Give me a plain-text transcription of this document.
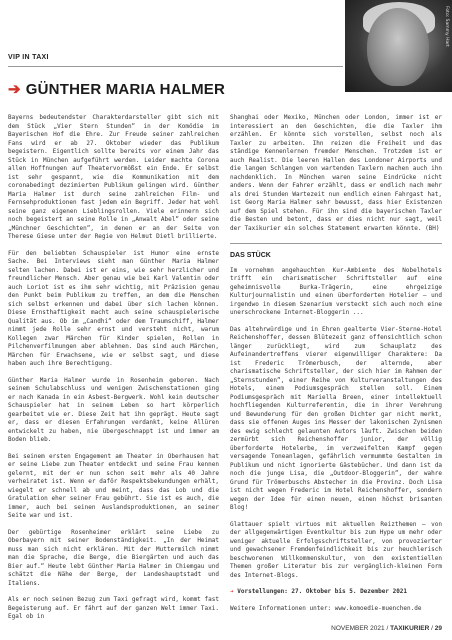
Foto: Sammy Hart
VIP IN TAXI
➔ GÜNTHER MARIA HALMER

Bayerns bedeutendster Charakterdarsteller gibt sich mit dem Stück „Vier Stern Stunden“ in der Komödie im Bayerischen Hof die Ehre. Zur Freude seiner zahlreichen Fans wird er ab 27. Oktober wieder das Publikum begeistern. Eigentlich sollte bereits vor einem Jahr das Stück in München aufgeführt werden. Leider machte Corona allen Hoffnungen auf Theatervormößst ein Ende. Er selbst ist sehr gespannt, wie die Kommunikation mit dem coronabedingt dezimierten Publikum gelingen wird. Günther Maria Halmer ist durch seine zahlreichen Film- und Fernsehproduktionen fast jedem ein Begriff. Jeder hat wohl seine ganz eigenen Lieblingsrollen. Viele erinnern sich noch begeistert an seine Rolle in „Anwalt Abel“ oder seine „Münchner Geschichten“, in denen er an der Seite von Therese Giese unter der Regie von Helmut Dietl brillierte.

Für den beliebten Schauspieler ist Humor eine ernste Sache. Bei Interviews sieht man Günther Maria Halmer selten lachen. Dabei ist er eins, wie sehr herzlicher und freundlicher Mensch. Aber genau wie bei Karl Valentin oder auch Loriot ist es ihm sehr wichtig, mit Präzision genau den Punkt beim Publikum zu treffen, an dem die Menschen sich selbst erkennen und dabei über sich lachen können. Diese Ernsthaftigkeit macht auch seine schauspielerische Qualität aus. Ob im „Candhi“ oder dem Traumschiff, Halmer nimmt jede Rolle sehr ernst und versteht nicht, warum Kollegen zwar Märchen für Kinder spielen, Rollen in Pilchenverfilmungen aber ablehnen. Das sind auch Märchen, Märchen für Erwachsene, wie er selbst sagt, und diese haben auch ihre Berechtigung.

Günther Maria Halmer wurde in Rosenheim geboren. Nach seinem Schulabschluss und wenigen Zwischenstationen ging er nach Kanada in ein Asbest-Bergwerk. Wohl kein deutscher Schauspieler hat in seinem Leben so hart körperlich gearbeitet wie er. Diese Zeit hat ihn geprägt. Heute sagt er, dass er diesen Erfahrungen verdankt, keine Allüren entwickelt zu haben, nie übergeschnappt ist und immer am Boden blieb.

Bei seinem ersten Engagement am Theater in Oberhausen hat er seine Liebe zum Theater entdeckt und seine Frau kennen gelernt, mit der er nun schon seit mehr als 40 Jahre verheiratet ist. Wenn er daför Respektsbekundungen erhält, wiegelt er schnell ab und meint, dass das Lob und die Gratulation eher seiner Frau gebührt. Sie ist es auch, die immer, auch bei seinen Auslandsproduktionen, an seiner Seite war und ist.

Der gebürtige Rosenheimer erklärt seine Liebe zu Oberbayern mit seiner Bodenständigkeit. „In der Heimat muss man sich nicht erklären. Mit der Muttermilch nimmt man die Sprache, die Berge, die Biergärten und auch das Bier auf.“ Heute lebt Günther Maria Halmer im Chiemgau und schätzt die Nähe der Berge, der Landeshauptstadt und Italiens.

Als er noch seinen Bezug zum Taxi gefragt wird, kommt fast Begeisterung auf. Er fährt auf der ganzen Welt immer Taxi. Egal ob in

Shanghai oder Mexiko, München oder London, immer ist er interessiert an den Geschichten, die die Taxler ihm erzählen. Er könnte sich vorstellen, selbst noch als Taxler zu arbeiten. Ihn reizen die Freiheit und das ständige Kennenlernen fremder Menschen. Trotzdem ist er auch Realist. Die leeren Hallen des Londoner Airports und die langen Schlangen von wartenden Taxlern machen auch ihn nachdenklich. In München waren seine Eindrücke nicht anders. Wenn der Fahrer erzählt, dass er endlich nach mehr als drei Stunden Wartezeit nun endlich einen Fahrgast hat, ist Georg Maria Halmer sehr bewusst, dass hier Existenzen auf dem Spiel stehen. Für ihn sind die bayerischen Taxler die Besten und betont, dass er dies nicht nur sagt, weil der Taxikurier ein solches Statement erwarten könnte. (BH)

DAS STÜCK

Im vornehmn angehauchten Kur-Ambiente des Nobelhotels trifft ein charismatischer Schriftsteller auf eine geheimnisvolle Burka-Trägerin, eine ehrgeizige Kulturjournalistin und einen überforderten Hotelier – und irgendwo in diesem Szenarium versteckt sich auch noch eine unerschrockene Internet-Bloggerin ...

Das altehrwürdige und in Ehren gealterte Vier-Sterne-Hotel Reichenshoffer, dessen Blütezeit ganz offensichtlich schon länger zurückliegt, wird zum Schauplatz des Aufeinandertreffens vierer eigenwilliger Charaktere: Da ist Frederic Trömerbusch, der alternde, aber charismatische Schriftsteller, der sich hier im Rahmen der „Sternstunden“, einer Reihe von Kulturveranstaltungen des Hotels, einem Podiumsgespräch stellen soll. Einem Podiumsgespräch mit Mariella Breen, einer intellektuell hochfliegenden Kulturreferentin, die in ihrer Verehrung und Bewunderung für den großen Dichter gar nicht merkt, dass sie offenen Auges ins Messer der lakonischen Zynismen des ewig schlecht gelaunten Autors läuft. Zwischen beiden zermürbt sich Reichenshoffer junior, der völlig überforderte Hotelerbe, im verzweifelten Kampf gegen versagende Toneanlagen, gefährlich vermummte Gestalten im Publikum und nicht ignorierte Gästebücher. Und dann ist da noch die junge Lisa, die „Outdoor-Bloggerin“, der wahre Grund für Trömerbuschs Abstecher in die Provinz. Doch Lisa ist nicht wegen Frederic im Hotel Reichenshoffer, sondern wegen der Idee für einen neuen, einen höchst brisanten Blog!

Glattauer spielt virtuos mit aktuellen Reizthemen – von der allgegenwärtigen Eventkultur bis zum Hype um mehr oder weniger aktuelle Erfolgsschriftsteller, von provozierter und gewachsener Fremdenfeindlichkeit bis zur heuchlerisch beschworenen Willkommenskultur, von den existentiellen Themen großer Literatur bis zur vergänglich-kleinen Form des Internet-Blogs.

➔ Vorstellungen: 27. Oktober bis 5. Dezember 2021

Weitere Informationen unter: www.komoedie-muenchen.de

NOVEMBER 2021 / TAXIKURIER / 29
